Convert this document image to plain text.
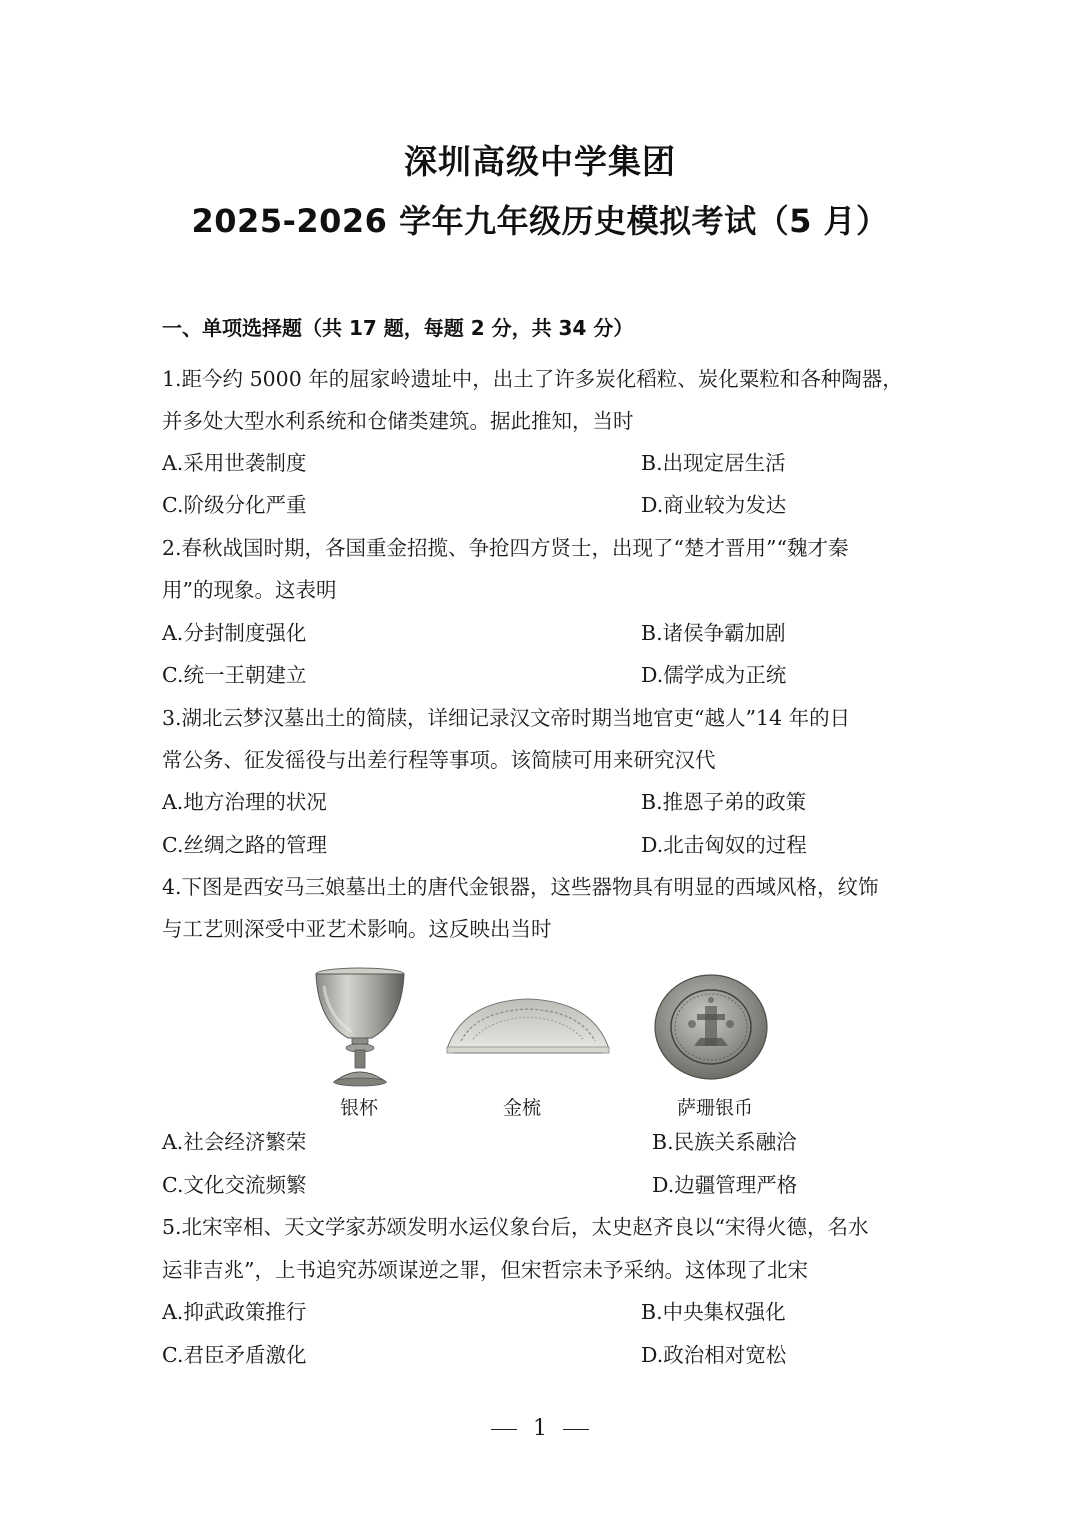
深圳高级中学集团
2025-2026 学年九年级历史模拟考试（5 月）
一、单项选择题（共 17 题，每题 2 分，共 34 分）
1.距今约 5000 年的屈家岭遗址中，出土了许多炭化稻粒、炭化粟粒和各种陶器，
并多处大型水利系统和仓储类建筑。据此推知，当时
A.采用世袭制度	B.出现定居生活
C.阶级分化严重	D.商业较为发达
2.春秋战国时期，各国重金招揽、争抢四方贤士，出现了“楚才晋用”“魏才秦
用”的现象。这表明
A.分封制度强化	B.诸侯争霸加剧
C.统一王朝建立	D.儒学成为正统
3.湖北云梦汉墓出土的简牍，详细记录汉文帝时期当地官吏“越人”14 年的日
常公务、征发徭役与出差行程等事项。该简牍可用来研究汉代
A.地方治理的状况	B.推恩子弟的政策
C.丝绸之路的管理	D.北击匈奴的过程
4.下图是西安马三娘墓出土的唐代金银器，这些器物具有明显的西域风格，纹饰
与工艺则深受中亚艺术影响。这反映出当时
银杯	金梳	萨珊银币
A.社会经济繁荣	B.民族关系融洽
C.文化交流频繁	D.边疆管理严格
5.北宋宰相、天文学家苏颂发明水运仪象台后，太史赵齐良以“宋得火德，名水
运非吉兆”，上书追究苏颂谋逆之罪，但宋哲宗未予采纳。这体现了北宋
A.抑武政策推行	B.中央集权强化
C.君臣矛盾激化	D.政治相对宽松
1
